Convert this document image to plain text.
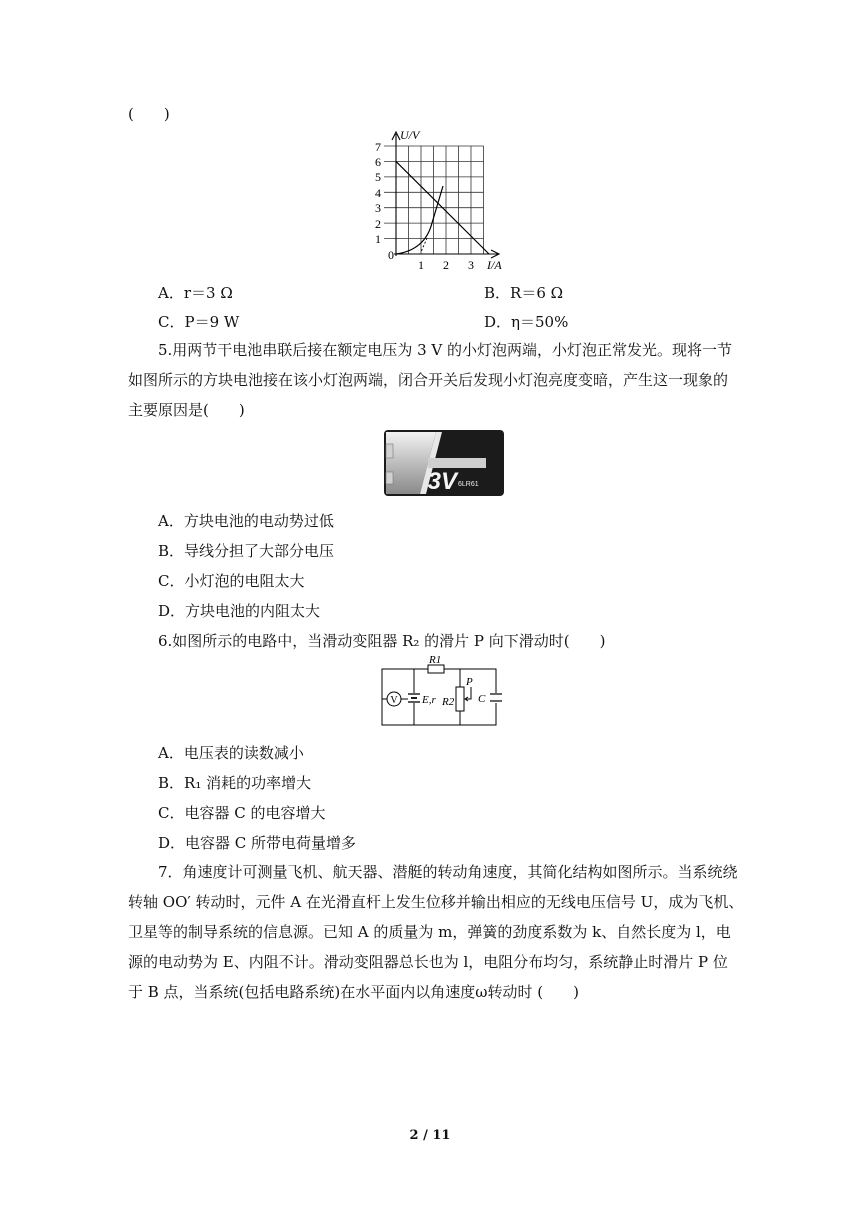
(　　)
U/V
I/A
0
1
2
3
4
5
6
7
1 2 3
A．r＝3 Ω	B．R＝6 Ω
C．P＝9 W	D．η＝50%
5.用两节干电池串联后接在额定电压为 3 V 的小灯泡两端，小灯泡正常发光。现将一节
如图所示的方块电池接在该小灯泡两端，闭合开关后发现小灯泡亮度变暗，产生这一现象的
主要原因是(　　)
3V 6LR61
A．方块电池的电动势过低
B．导线分担了大部分电压
C．小灯泡的电阻太大
D．方块电池的内阻太大
6.如图所示的电路中，当滑动变阻器 R₂ 的滑片 P 向下滑动时(　　)
R1
V E,r R2
P
C
A．电压表的读数减小
B．R₁ 消耗的功率增大
C．电容器 C 的电容增大
D．电容器 C 所带电荷量增多
7．角速度计可测量飞机、航天器、潜艇的转动角速度，其简化结构如图所示。当系统绕
转轴 OO′ 转动时，元件 A 在光滑直杆上发生位移并输出相应的无线电压信号 U，成为飞机、
卫星等的制导系统的信息源。已知 A 的质量为 m，弹簧的劲度系数为 k、自然长度为 l，电
源的电动势为 E、内阻不计。滑动变阻器总长也为 l，电阻分布均匀，系统静止时滑片 P 位
于 B 点，当系统(包括电路系统)在水平面内以角速度ω转动时 (　　)
2 / 11
